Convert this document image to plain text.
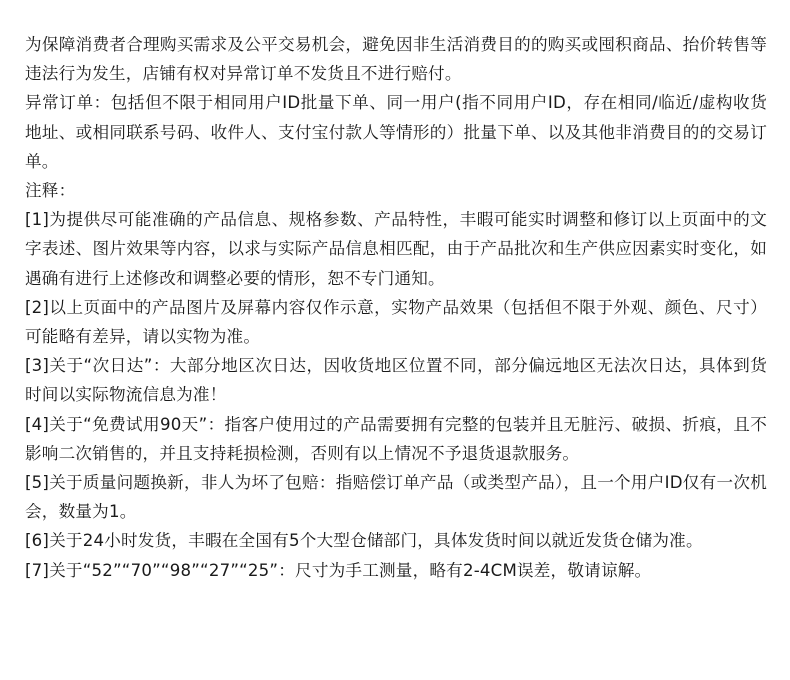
为保障消费者合理购买需求及公平交易机会，避免因非生活消费目的的购买或囤积商品、抬价转售等违法行为发生，店铺有权对异常订单不发货且不进行赔付。

异常订单：包括但不限于相同用户ID批量下单、同一用户(指不同用户ID，存在相同/临近/虚构收货地址、或相同联系号码、收件人、支付宝付款人等情形的）批量下单、以及其他非消费目的的交易订单。

注释：

[1]为提供尽可能准确的产品信息、规格参数、产品特性，丰暇可能实时调整和修订以上页面中的文字表述、图片效果等内容，以求与实际产品信息相匹配，由于产品批次和生产供应因素实时变化，如遇确有进行上述修改和调整必要的情形，恕不专门通知。

[2]以上页面中的产品图片及屏幕内容仅作示意，实物产品效果（包括但不限于外观、颜色、尺寸）可能略有差异，请以实物为准。

[3]关于“次日达”：大部分地区次日达，因收货地区位置不同，部分偏远地区无法次日达，具体到货时间以实际物流信息为准！

[4]关于“免费试用90天”：指客户使用过的产品需要拥有完整的包装并且无脏污、破损、折痕，且不影响二次销售的，并且支持耗损检测，否则有以上情况不予退货退款服务。

[5]关于质量问题换新，非人为坏了包赔：指赔偿订单产品（或类型产品），且一个用户ID仅有一次机会，数量为1。

[6]关于24小时发货，丰暇在全国有5个大型仓储部门，具体发货时间以就近发货仓储为准。

[7]关于“52”“70”“98”“27”“25”：尺寸为手工测量，略有2-4CM误差，敬请谅解。
